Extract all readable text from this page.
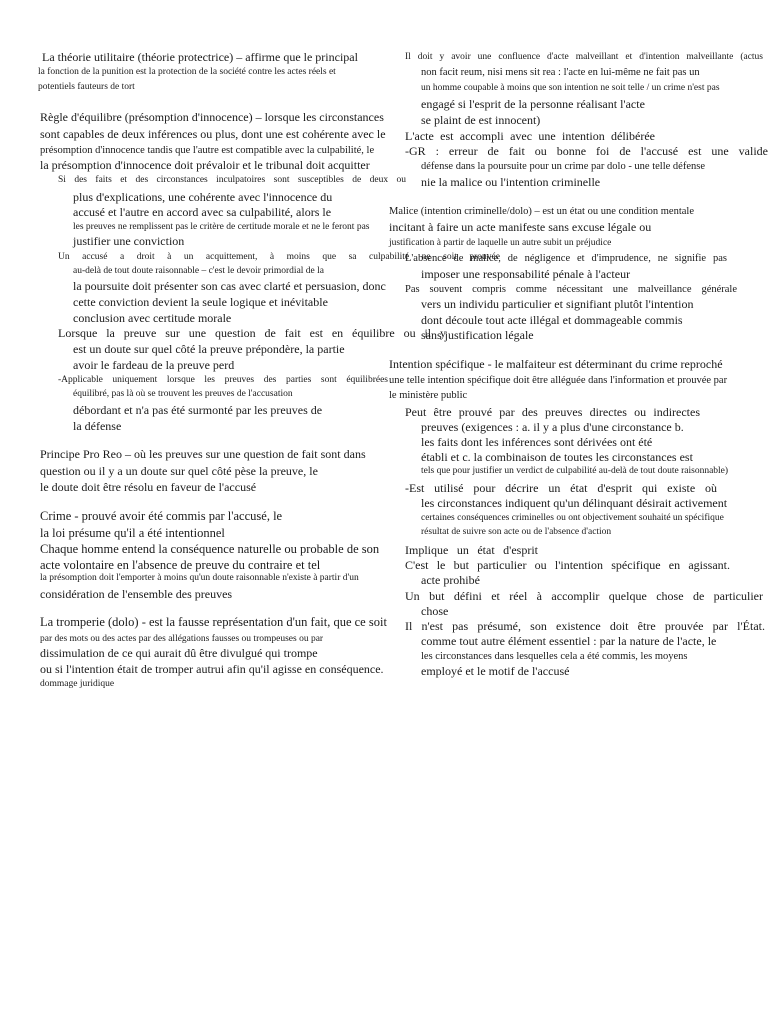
La théorie utilitaire (théorie protectrice) – affirme que le principal
la fonction de la punition est la protection de la société contre les actes réels et
potentiels fauteurs de tort
Règle d'équilibre (présomption d'innocence) – lorsque les circonstances
sont capables de deux inférences ou plus, dont une est cohérente avec le
présomption d'innocence tandis que l'autre est compatible avec la culpabilité, le
la présomption d'innocence doit prévaloir et le tribunal doit acquitter
Si des faits et des circonstances inculpatoires sont susceptibles de deux ou
plus d'explications, une cohérente avec l'innocence du
accusé et l'autre en accord avec sa culpabilité, alors le
les preuves ne remplissent pas le critère de certitude morale et ne le feront pas
justifier une conviction
Un accusé a droit à un acquittement, à moins que sa culpabilité ne soit prouvée
au-delà de tout doute raisonnable – c'est le devoir primordial de la
la poursuite doit présenter son cas avec clarté et persuasion, donc
cette conviction devient la seule logique et inévitable
conclusion avec certitude morale
Lorsque la preuve sur une question de fait est en équilibre ou il y
est un doute sur quel côté la preuve prépondère, la partie
avoir le fardeau de la preuve perd
-Applicable uniquement lorsque les preuves des parties sont équilibrées
équilibré, pas là où se trouvent les preuves de l'accusation
débordant et n'a pas été surmonté par les preuves de
la défense
Principe Pro Reo – où les preuves sur une question de fait sont dans
question ou il y a un doute sur quel côté pèse la preuve, le
le doute doit être résolu en faveur de l'accusé
Crime - prouvé avoir été commis par l'accusé, le
la loi présume qu'il a été intentionnel
Chaque homme entend la conséquence naturelle ou probable de son
acte volontaire en l'absence de preuve du contraire et tel
la présomption doit l'emporter à moins qu'un doute raisonnable n'existe à partir d'un
considération de l'ensemble des preuves
La tromperie (dolo) - est la fausse représentation d'un fait, que ce soit
par des mots ou des actes par des allégations fausses ou trompeuses ou par
dissimulation de ce qui aurait dû être divulgué qui trompe
ou si l'intention était de tromper autrui afin qu'il agisse en conséquence.
dommage juridique
Il doit y avoir une confluence d'acte malveillant et d'intention malveillante (actus
non facit reum, nisi mens sit rea : l'acte en lui-même ne fait pas un
un homme coupable à moins que son intention ne soit telle / un crime n'est pas
engagé si l'esprit de la personne réalisant l'acte
se plaint de est innocent)
L'acte est accompli avec une intention délibérée
-GR : erreur de fait ou bonne foi de l'accusé est une valide
défense dans la poursuite pour un crime par dolo - une telle défense
nie la malice ou l'intention criminelle
Malice (intention criminelle/dolo) – est un état ou une condition mentale
incitant à faire un acte manifeste sans excuse légale ou
justification à partir de laquelle un autre subit un préjudice
L'absence de malice, de négligence et d'imprudence, ne signifie pas
imposer une responsabilité pénale à l'acteur
Pas souvent compris comme nécessitant une malveillance générale
vers un individu particulier et signifiant plutôt l'intention
dont découle tout acte illégal et dommageable commis
sans justification légale
Intention spécifique - le malfaiteur est déterminant du crime reproché
une telle intention spécifique doit être alléguée dans l'information et prouvée par
le ministère public
Peut être prouvé par des preuves directes ou indirectes
preuves (exigences : a. il y a plus d'une circonstance b.
les faits dont les inférences sont dérivées ont été
établi et c. la combinaison de toutes les circonstances est
tels que pour justifier un verdict de culpabilité au-delà de tout doute raisonnable)
-Est utilisé pour décrire un état d'esprit qui existe où
les circonstances indiquent qu'un délinquant désirait activement
certaines conséquences criminelles ou ont objectivement souhaité un spécifique
résultat de suivre son acte ou de l'absence d'action
Implique un état d'esprit
C'est le but particulier ou l'intention spécifique en agissant.
acte prohibé
Un but défini et réel à accomplir quelque chose de particulier
chose
Il n'est pas présumé, son existence doit être prouvée par l'État.
comme tout autre élément essentiel : par la nature de l'acte, le
les circonstances dans lesquelles cela a été commis, les moyens
employé et le motif de l'accusé
